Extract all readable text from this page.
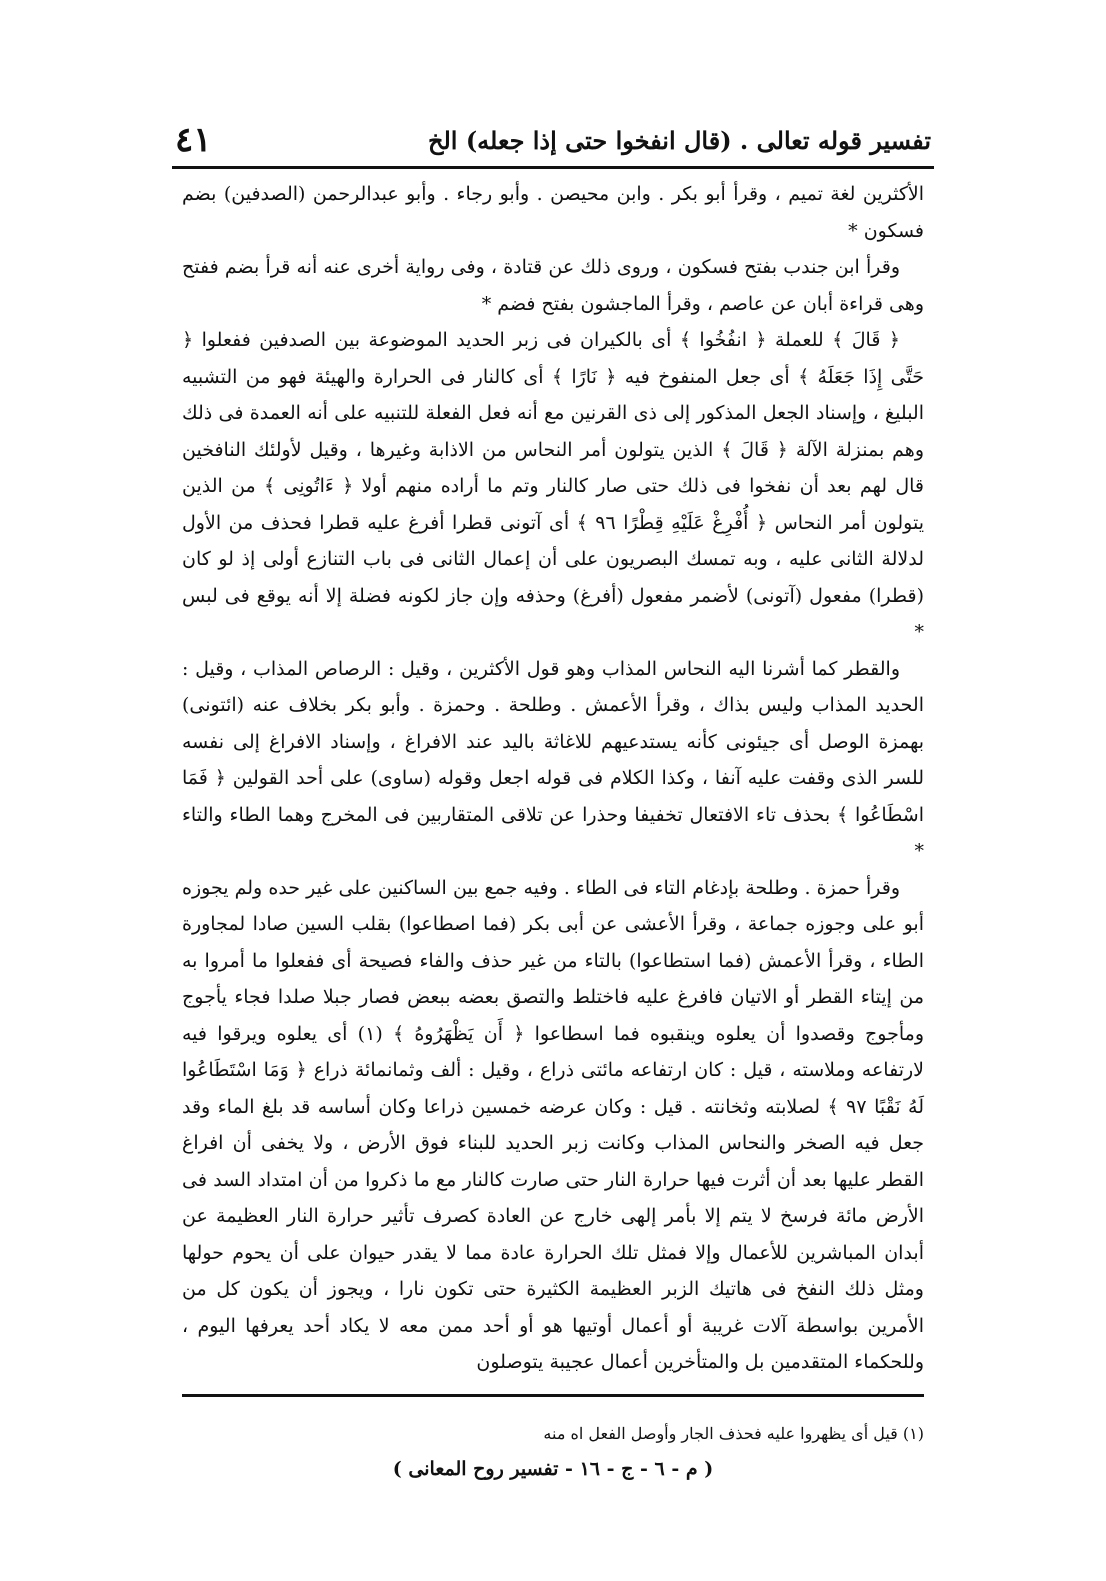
تفسير قوله تعالى . (قال انفخوا حتى إذا جعله) الخ
٤١

الأكثرين لغة تميم ، وقرأ أبو بكر . وابن محيصن . وأبو رجاء . وأبو عبدالرحمن (الصدفين) بضم فسكون *

وقرأ ابن جندب بفتح فسكون ، وروى ذلك عن قتادة ، وفى رواية أخرى عنه أنه قرأ بضم ففتح وهى قراءة أبان عن عاصم ، وقرأ الماجشون بفتح فضم *

﴿ قَالَ ﴾ للعملة ﴿ انفُخُوا ﴾ أى بالكيران فى زبر الحديد الموضوعة بين الصدفين ففعلوا ﴿ حَتَّى إِذَا جَعَلَهُ ﴾ أى جعل المنفوخ فيه ﴿ نَارًا ﴾ أى كالنار فى الحرارة والهيئة فهو من التشبيه البليغ ، وإسناد الجعل المذكور إلى ذى القرنين مع أنه فعل الفعلة للتنبيه على أنه العمدة فى ذلك وهم بمنزلة الآلة ﴿ قَالَ ﴾ الذين يتولون أمر النحاس من الاذابة وغيرها ، وقيل لأولئك النافخين قال لهم بعد أن نفخوا فى ذلك حتى صار كالنار وتم ما أراده منهم أولا ﴿ ءَاتُونِى ﴾ من الذين يتولون أمر النحاس ﴿ أُفْرِغْ عَلَيْهِ قِطْرًا ٩٦ ﴾ أى آتونى قطرا أفرغ عليه قطرا فحذف من الأول لدلالة الثانى عليه ، وبه تمسك البصريون على أن إعمال الثانى فى باب التنازع أولى إذ لو كان (قطرا) مفعول (آتونى) لأضمر مفعول (أفرغ) وحذفه وإن جاز لكونه فضلة إلا أنه يوقع فى لبس *

والقطر كما أشرنا اليه النحاس المذاب وهو قول الأكثرين ، وقيل : الرصاص المذاب ، وقيل : الحديد المذاب وليس بذاك ، وقرأ الأعمش . وطلحة . وحمزة . وأبو بكر بخلاف عنه (ائتونى) بهمزة الوصل أى جيئونى كأنه يستدعيهم للاغاثة باليد عند الافراغ ، وإسناد الافراغ إلى نفسه للسر الذى وقفت عليه آنفا ، وكذا الكلام فى قوله اجعل وقوله (ساوى) على أحد القولين ﴿ فَمَا اسْطَاعُوا ﴾ بحذف تاء الافتعال تخفيفا وحذرا عن تلاقى المتقاربين فى المخرج وهما الطاء والتاء *

وقرأ حمزة . وطلحة بإدغام التاء فى الطاء . وفيه جمع بين الساكنين على غير حده ولم يجوزه أبو على وجوزه جماعة ، وقرأ الأعشى عن أبى بكر (فما اصطاعوا) بقلب السين صادا لمجاورة الطاء ، وقرأ الأعمش (فما استطاعوا) بالتاء من غير حذف والفاء فصيحة أى ففعلوا ما أمروا به من إيتاء القطر أو الاتيان فافرغ عليه فاختلط والتصق بعضه ببعض فصار جبلا صلدا فجاء يأجوج ومأجوج وقصدوا أن يعلوه وينقبوه فما اسطاعوا ﴿ أَن يَظْهَرُوهُ ﴾ (١) أى يعلوه ويرقوا فيه لارتفاعه وملاسته ، قيل : كان ارتفاعه مائتى ذراع ، وقيل : ألف وثمانمائة ذراع ﴿ وَمَا اسْتَطَاعُوا لَهُ نَقْبًا ٩٧ ﴾ لصلابته وثخانته . قيل : وكان عرضه خمسين ذراعا وكان أساسه قد بلغ الماء وقد جعل فيه الصخر والنحاس المذاب وكانت زبر الحديد للبناء فوق الأرض ، ولا يخفى أن افراغ القطر عليها بعد أن أثرت فيها حرارة النار حتى صارت كالنار مع ما ذكروا من أن امتداد السد فى الأرض مائة فرسخ لا يتم إلا بأمر إلهى خارج عن العادة كصرف تأثير حرارة النار العظيمة عن أبدان المباشرين للأعمال وإلا فمثل تلك الحرارة عادة مما لا يقدر حيوان على أن يحوم حولها ومثل ذلك النفخ فى هاتيك الزبر العظيمة الكثيرة حتى تكون نارا ، ويجوز أن يكون كل من الأمرين بواسطة آلات غريبة أو أعمال أوتيها هو أو أحد ممن معه لا يكاد أحد يعرفها اليوم ، وللحكماء المتقدمين بل والمتأخرين أعمال عجيبة يتوصلون

(١) قيل أى يظهروا عليه فحذف الجار وأوصل الفعل اه منه
( م - ٦ - ج - ١٦ - تفسير روح المعانى )
